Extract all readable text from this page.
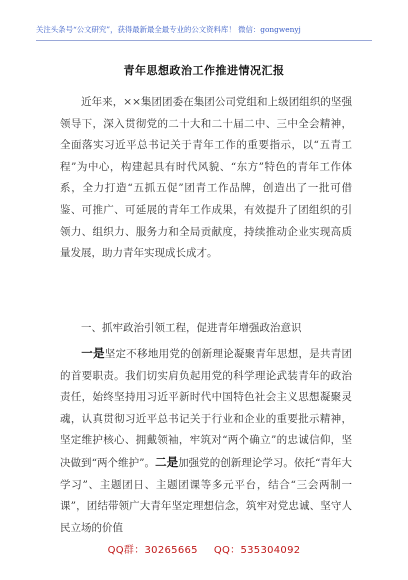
关注头条号“公文研究”，获得最新最全最专业的公文资料库！ 微信：gongwenyj
青年思想政治工作推进情况汇报
  近年来，××集团团委在集团公司党组和上级团组织的坚强领导下，深入贯彻党的二十大和二十届二中、三中全会精神，全面落实习近平总书记关于青年工作的重要指示，以“五青工程”为中心，构建起具有时代风貌、“东方”特色的青年工作体系，全力打造“五抓五促”团青工作品牌，创造出了一批可借鉴、可推广、可延展的青年工作成果，有效提升了团组织的引领力、组织力、服务力和全局贡献度，持续推动企业实现高质量发展，助力青年实现成长成才。
  一、抓牢政治引领工程，促进青年增强政治意识
  一是坚定不移地用党的创新理论凝聚青年思想，是共青团的首要职责。我们切实肩负起用党的科学理论武装青年的政治责任，始终坚持用习近平新时代中国特色社会主义思想凝聚灵魂，认真贯彻习近平总书记关于行业和企业的重要批示精神，坚定维护核心、拥戴领袖，牢筑对“两个确立”的忠诚信仰，坚决做到“两个维护”。二是加强党的创新理论学习。依托“青年大学习”、主题团日、主题团课等多元平台，结合“三会两制一课”，团结带领广大青年坚定理想信念，筑牢对党忠诚、坚守人民立场的价值
QQ群：30265665 QQ：535304092
